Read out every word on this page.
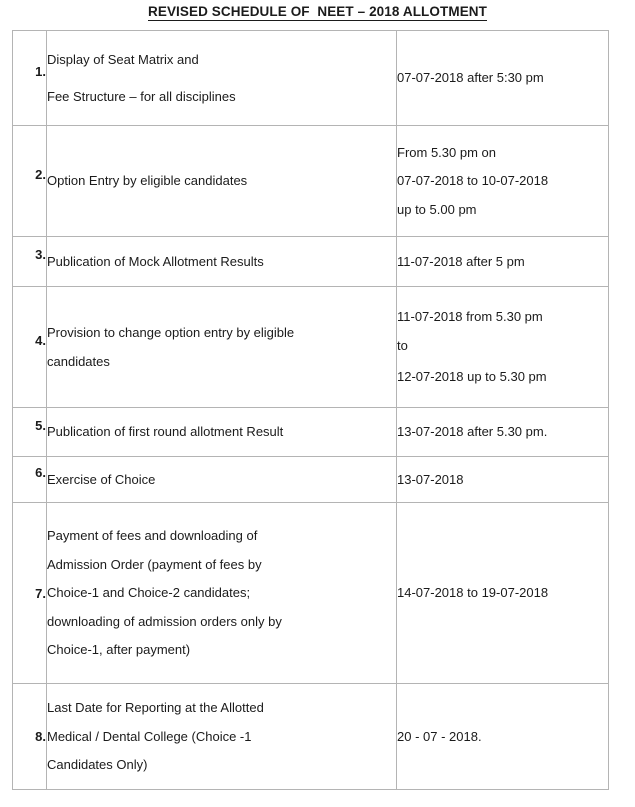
REVISED SCHEDULE OF  NEET – 2018 ALLOTMENT
1.	Display of Seat Matrix and
Fee Structure – for all disciplines	07-07-2018 after 5:30 pm

2.	Option Entry by eligible candidates	From 5.30 pm on
07-07-2018 to 10-07-2018
up to 5.00 pm

3.	Publication of Mock Allotment Results	11-07-2018 after 5 pm

4.	Provision to change option entry by eligible
candidates	11-07-2018 from 5.30 pm
to
12-07-2018 up to 5.30 pm

5.	Publication of first round allotment Result	13-07-2018 after 5.30 pm.

6.	Exercise of Choice	13-07-2018

7.	Payment of fees and downloading of
Admission Order (payment of fees by
Choice-1 and Choice-2 candidates;
downloading of admission orders only by
Choice-1, after payment)	14-07-2018 to 19-07-2018

8.	Last Date for Reporting at the Allotted
Medical / Dental College (Choice -1
Candidates Only)	20 - 07 - 2018.
